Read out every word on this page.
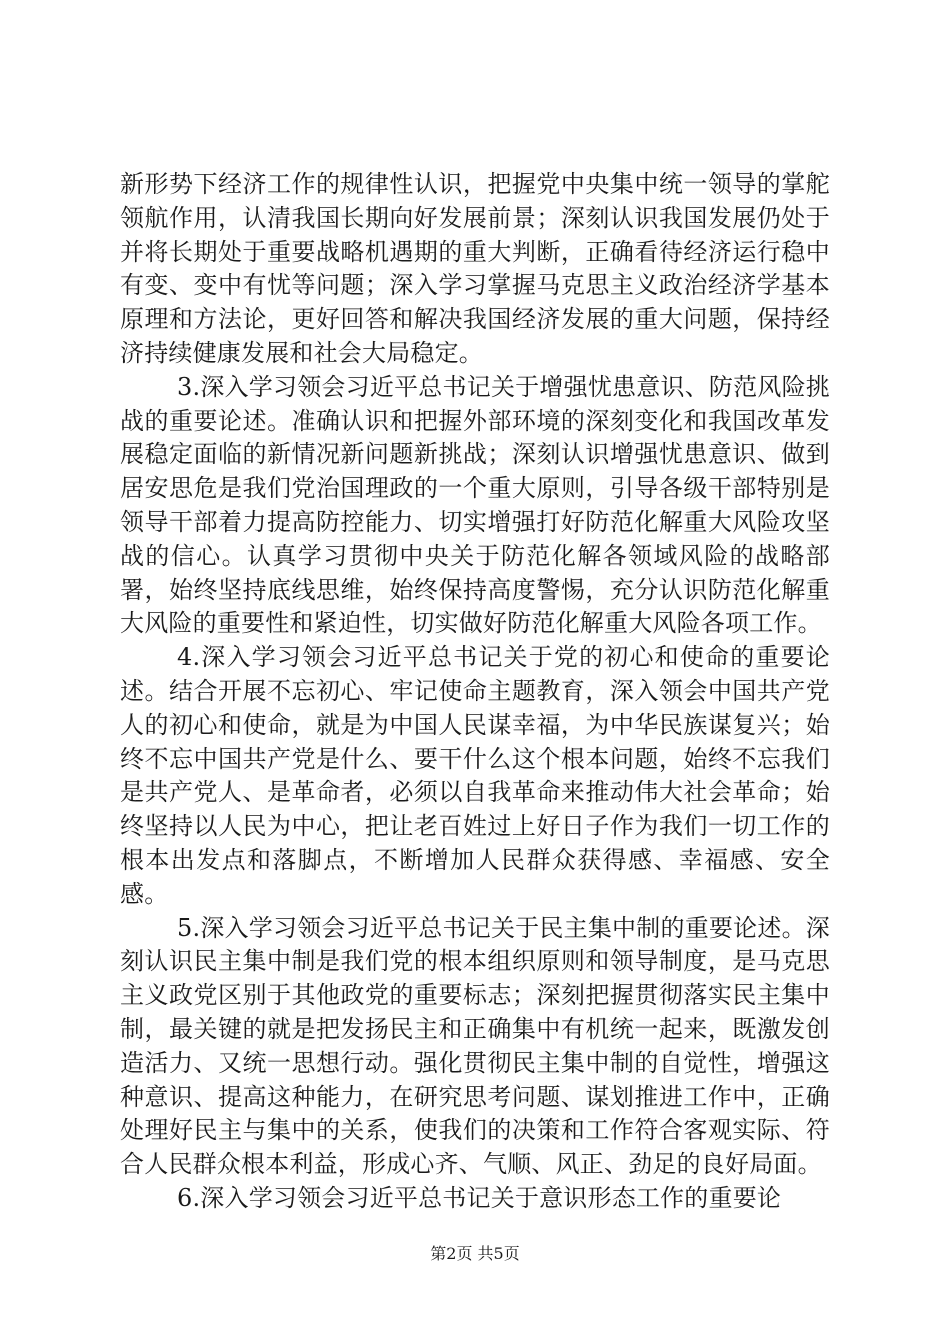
新形势下经济工作的规律性认识，把握党中央集中统一领导的掌舵领航作用，认清我国长期向好发展前景；深刻认识我国发展仍处于并将长期处于重要战略机遇期的重大判断，正确看待经济运行稳中有变、变中有忧等问题；深入学习掌握马克思主义政治经济学基本原理和方法论，更好回答和解决我国经济发展的重大问题，保持经济持续健康发展和社会大局稳定。

3.深入学习领会习近平总书记关于增强忧患意识、防范风险挑战的重要论述。准确认识和把握外部环境的深刻变化和我国改革发展稳定面临的新情况新问题新挑战；深刻认识增强忧患意识、做到居安思危是我们党治国理政的一个重大原则，引导各级干部特别是领导干部着力提高防控能力、切实增强打好防范化解重大风险攻坚战的信心。认真学习贯彻中央关于防范化解各领域风险的战略部署，始终坚持底线思维，始终保持高度警惕，充分认识防范化解重大风险的重要性和紧迫性，切实做好防范化解重大风险各项工作。

4.深入学习领会习近平总书记关于党的初心和使命的重要论述。结合开展不忘初心、牢记使命主题教育，深入领会中国共产党人的初心和使命，就是为中国人民谋幸福，为中华民族谋复兴；始终不忘中国共产党是什么、要干什么这个根本问题，始终不忘我们是共产党人、是革命者，必须以自我革命来推动伟大社会革命；始终坚持以人民为中心，把让老百姓过上好日子作为我们一切工作的根本出发点和落脚点，不断增加人民群众获得感、幸福感、安全感。

5.深入学习领会习近平总书记关于民主集中制的重要论述。深刻认识民主集中制是我们党的根本组织原则和领导制度，是马克思主义政党区别于其他政党的重要标志；深刻把握贯彻落实民主集中制，最关键的就是把发扬民主和正确集中有机统一起来，既激发创造活力、又统一思想行动。强化贯彻民主集中制的自觉性，增强这种意识、提高这种能力，在研究思考问题、谋划推进工作中，正确处理好民主与集中的关系，使我们的决策和工作符合客观实际、符合人民群众根本利益，形成心齐、气顺、风正、劲足的良好局面。

6.深入学习领会习近平总书记关于意识形态工作的重要论

第2页 共5页
